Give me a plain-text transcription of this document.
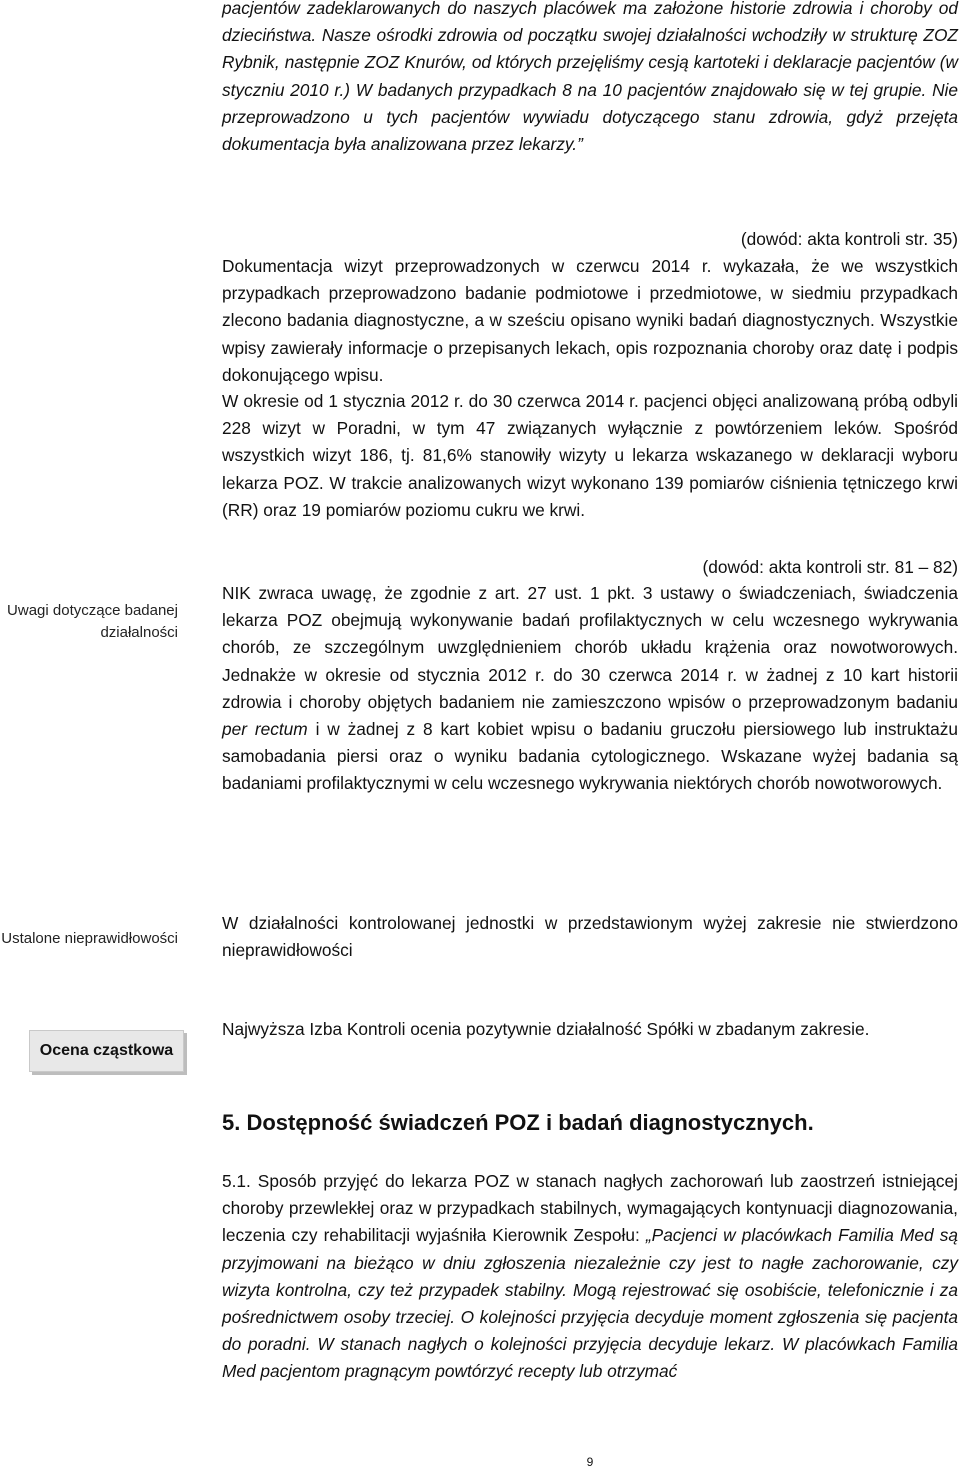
pacjentów zadeklarowanych do naszych placówek ma założone historie zdrowia i choroby od dzieciństwa. Nasze ośrodki zdrowia od początku swojej działalności wchodziły w strukturę ZOZ Rybnik, następnie ZOZ Knurów, od których przejęliśmy cesją kartoteki i deklaracje pacjentów (w styczniu 2010 r.) W badanych przypadkach 8 na 10 pacjentów znajdowało się w tej grupie. Nie przeprowadzono u tych pacjentów wywiadu dotyczącego stanu zdrowia, gdyż przejęta dokumentacja była analizowana przez lekarzy.”

(dowód: akta kontroli str. 35)

Dokumentacja wizyt przeprowadzonych w czerwcu 2014 r. wykazała, że we wszystkich przypadkach przeprowadzono badanie podmiotowe i przedmiotowe, w siedmiu przypadkach zlecono badania diagnostyczne, a w sześciu opisano wyniki badań diagnostycznych. Wszystkie wpisy zawierały informacje o przepisanych lekach, opis rozpoznania choroby oraz datę i podpis dokonującego wpisu.

W okresie od 1 stycznia 2012 r. do 30 czerwca 2014 r. pacjenci objęci analizowaną próbą odbyli 228 wizyt w Poradni, w tym 47 związanych wyłącznie z powtórzeniem leków. Spośród wszystkich wizyt 186, tj. 81,6% stanowiły wizyty u lekarza wskazanego w deklaracji wyboru lekarza POZ. W trakcie analizowanych wizyt wykonano 139 pomiarów ciśnienia tętniczego krwi (RR) oraz 19 pomiarów poziomu cukru we krwi.

(dowód: akta kontroli str. 81 – 82)
Uwagi dotyczące badanej działalności

NIK zwraca uwagę, że zgodnie z art. 27 ust. 1 pkt. 3 ustawy o świadczeniach, świadczenia lekarza POZ obejmują wykonywanie badań profilaktycznych w celu wczesnego wykrywania chorób, ze szczególnym uwzględnieniem chorób układu krążenia oraz nowotworowych. Jednakże w okresie od stycznia 2012 r. do 30 czerwca 2014 r. w żadnej z 10 kart historii zdrowia i choroby objętych badaniem nie zamieszczono wpisów o przeprowadzonym badaniu per rectum i w żadnej z 8 kart kobiet wpisu o badaniu gruczołu piersiowego lub instruktażu samobadania piersi oraz o wyniku badania cytologicznego. Wskazane wyżej badania są badaniami profilaktycznymi w celu wczesnego wykrywania niektórych chorób nowotworowych.

Ustalone nieprawidłowości

W działalności kontrolowanej jednostki w przedstawionym wyżej zakresie nie stwierdzono nieprawidłowości

Ocena cząstkowa

Najwyższa Izba Kontroli ocenia pozytywnie działalność Spółki w zbadanym zakresie.

5. Dostępność świadczeń POZ i badań diagnostycznych.

5.1. Sposób przyjęć do lekarza POZ w stanach nagłych zachorowań lub zaostrzeń istniejącej choroby przewlekłej oraz w przypadkach stabilnych, wymagających kontynuacji diagnozowania, leczenia czy rehabilitacji wyjaśniła Kierownik Zespołu: „Pacjenci w placówkach Familia Med są przyjmowani na bieżąco w dniu zgłoszenia niezależnie czy jest to nagłe zachorowanie, czy wizyta kontrolna, czy też przypadek stabilny. Mogą rejestrować się osobiście, telefonicznie i za pośrednictwem osoby trzeciej. O kolejności przyjęcia decyduje moment zgłoszenia się pacjenta do poradni. W stanach nagłych o kolejności przyjęcia decyduje lekarz. W placówkach Familia Med pacjentom pragnącym powtórzyć recepty lub otrzymać

9
